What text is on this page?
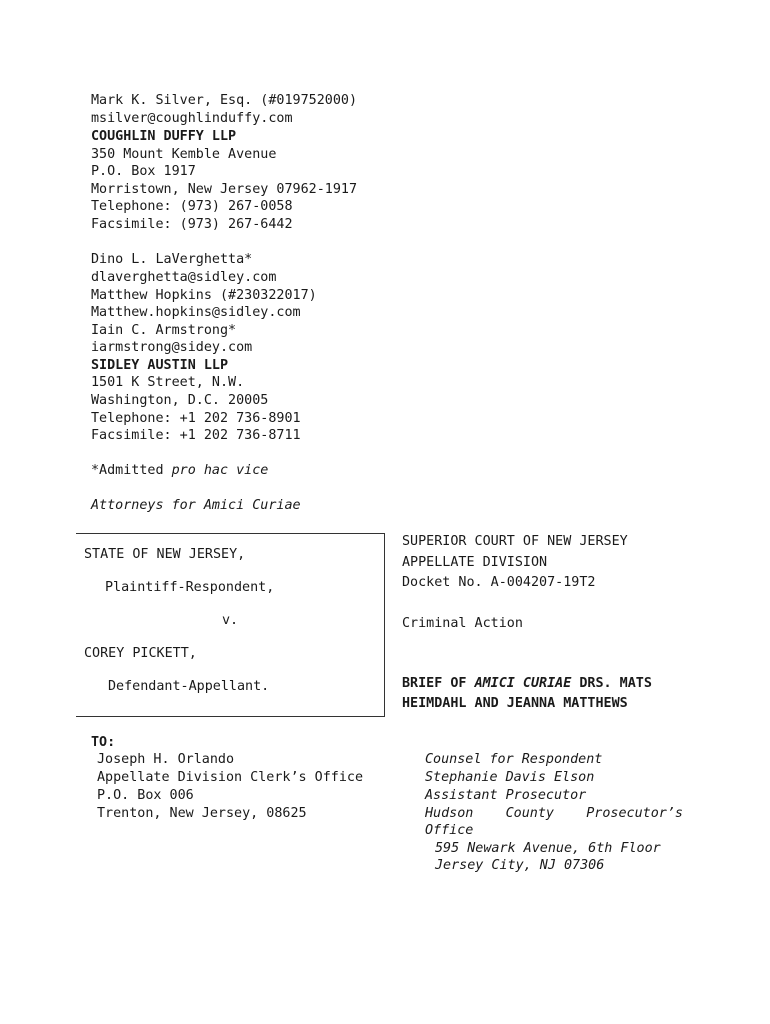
Mark K. Silver, Esq. (#019752000)
msilver@coughlinduffy.com
COUGHLIN DUFFY LLP
350 Mount Kemble Avenue
P.O. Box 1917
Morristown, New Jersey 07962-1917
Telephone: (973) 267-0058
Facsimile: (973) 267-6442
Dino L. LaVerghetta*
dlaverghetta@sidley.com
Matthew Hopkins (#230322017)
Matthew.hopkins@sidley.com
Iain C. Armstrong*
iarmstrong@sidey.com
SIDLEY AUSTIN LLP
1501 K Street, N.W.
Washington, D.C. 20005
Telephone: +1 202 736-8901
Facsimile: +1 202 736-8711
*Admitted pro hac vice
Attorneys for Amici Curiae
STATE OF NEW JERSEY,
Plaintiff-Respondent,
v.
COREY PICKETT,
Defendant-Appellant.
SUPERIOR COURT OF NEW JERSEY
APPELLATE DIVISION
Docket No. A-004207-19T2
Criminal Action
BRIEF OF AMICI CURIAE DRS. MATS
HEIMDAHL AND JEANNA MATTHEWS
TO:
Joseph H. Orlando
Appellate Division Clerk’s Office
P.O. Box 006
Trenton, New Jersey, 08625
Counsel for Respondent
Stephanie Davis Elson
Assistant Prosecutor
Hudson    County    Prosecutor’s
Office
595 Newark Avenue, 6th Floor
Jersey City, NJ 07306
